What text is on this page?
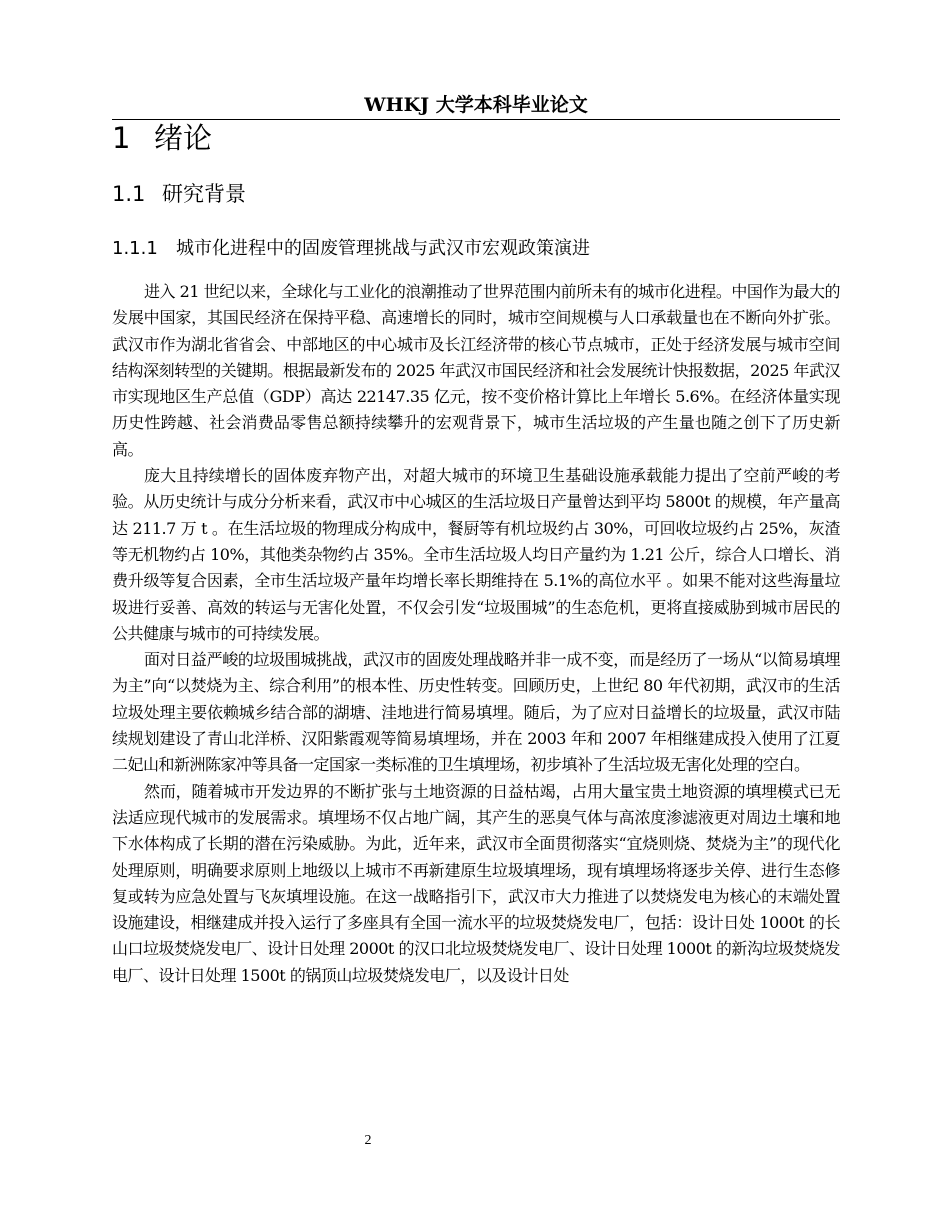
WHKJ 大学本科毕业论文
1 绪论
1.1 研究背景
1.1.1 城市化进程中的固废管理挑战与武汉市宏观政策演进

进入 21 世纪以来，全球化与工业化的浪潮推动了世界范围内前所未有的城市化进程。中国作为最大的发展中国家，其国民经济在保持平稳、高速增长的同时，城市空间规模与人口承载量也在不断向外扩张。武汉市作为湖北省省会、中部地区的中心城市及长江经济带的核心节点城市，正处于经济发展与城市空间结构深刻转型的关键期。根据最新发布的 2025 年武汉市国民经济和社会发展统计快报数据，2025 年武汉市实现地区生产总值（GDP）高达 22147.35 亿元，按不变价格计算比上年增长 5.6%。在经济体量实现历史性跨越、社会消费品零售总额持续攀升的宏观背景下，城市生活垃圾的产生量也随之创下了历史新高。

庞大且持续增长的固体废弃物产出，对超大城市的环境卫生基础设施承载能力提出了空前严峻的考验。从历史统计与成分分析来看，武汉市中心城区的生活垃圾日产量曾达到平均 5800t 的规模，年产量高达 211.7 万 t 。在生活垃圾的物理成分构成中，餐厨等有机垃圾约占 30%，可回收垃圾约占 25%，灰渣等无机物约占 10%，其他类杂物约占 35%。全市生活垃圾人均日产量约为 1.21 公斤，综合人口增长、消费升级等复合因素，全市生活垃圾产量年均增长率长期维持在 5.1%的高位水平 。如果不能对这些海量垃圾进行妥善、高效的转运与无害化处置，不仅会引发“垃圾围城”的生态危机，更将直接威胁到城市居民的公共健康与城市的可持续发展。

面对日益严峻的垃圾围城挑战，武汉市的固废处理战略并非一成不变，而是经历了一场从“以简易填埋为主”向“以焚烧为主、综合利用”的根本性、历史性转变。回顾历史，上世纪 80 年代初期，武汉市的生活垃圾处理主要依赖城乡结合部的湖塘、洼地进行简易填埋。随后，为了应对日益增长的垃圾量，武汉市陆续规划建设了青山北洋桥、汉阳紫霞观等简易填埋场，并在 2003 年和 2007 年相继建成投入使用了江夏二妃山和新洲陈家冲等具备一定国家一类标准的卫生填埋场，初步填补了生活垃圾无害化处理的空白。

然而，随着城市开发边界的不断扩张与土地资源的日益枯竭，占用大量宝贵土地资源的填埋模式已无法适应现代城市的发展需求。填埋场不仅占地广阔，其产生的恶臭气体与高浓度渗滤液更对周边土壤和地下水体构成了长期的潜在污染威胁。为此，近年来，武汉市全面贯彻落实“宜烧则烧、焚烧为主”的现代化处理原则，明确要求原则上地级以上城市不再新建原生垃圾填埋场，现有填埋场将逐步关停、进行生态修复或转为应急处置与飞灰填埋设施。在这一战略指引下，武汉市大力推进了以焚烧发电为核心的末端处置设施建设，相继建成并投入运行了多座具有全国一流水平的垃圾焚烧发电厂，包括：设计日处 1000t 的长山口垃圾焚烧发电厂、设计日处理 2000t 的汉口北垃圾焚烧发电厂、设计日处理 1000t 的新沟垃圾焚烧发电厂、设计日处理 1500t 的锅顶山垃圾焚烧发电厂，以及设计日处

2
